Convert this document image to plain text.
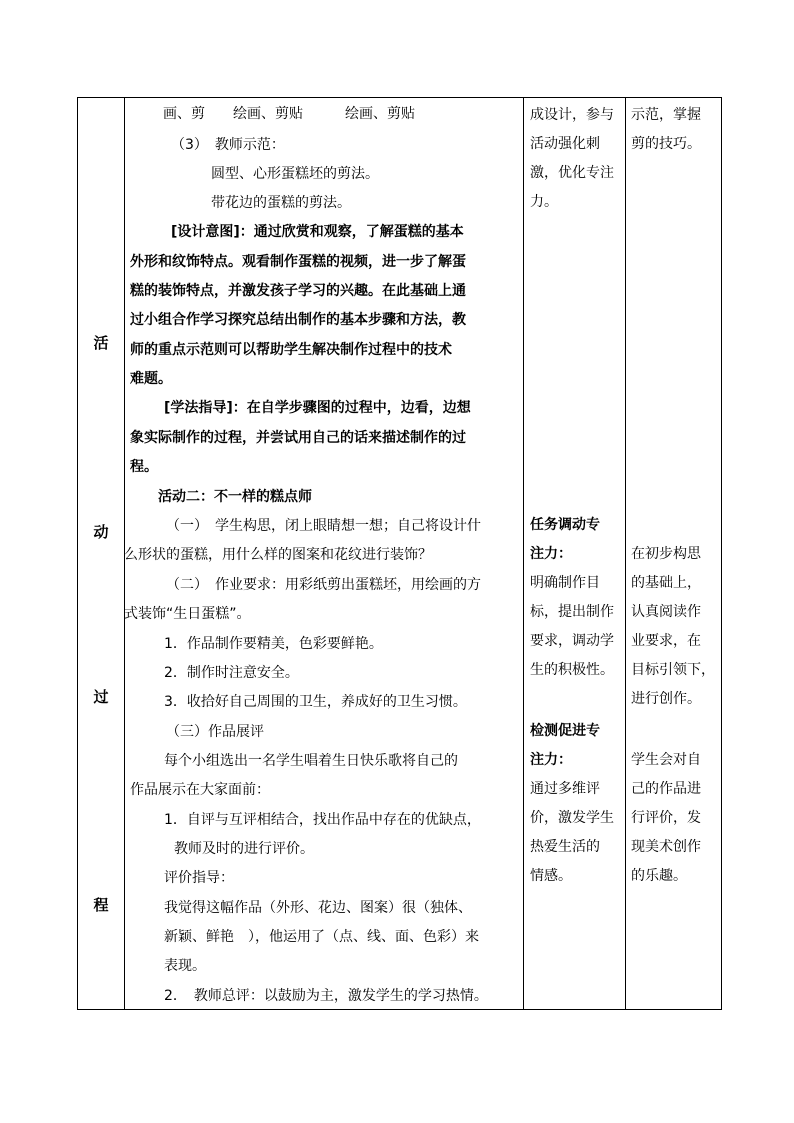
活
动
过
程
画、剪　　绘画、剪贴　　　绘画、剪贴
（3）　教师示范：
圆型、心形蛋糕坯的剪法。
带花边的蛋糕的剪法。
[设计意图]：通过欣赏和观察，了解蛋糕的基本
外形和纹饰特点。观看制作蛋糕的视频，进一步了解蛋
糕的装饰特点，并激发孩子学习的兴趣。在此基础上通
过小组合作学习探究总结出制作的基本步骤和方法，教
师的重点示范则可以帮助学生解决制作过程中的技术
难题。
[学法指导]：在自学步骤图的过程中，边看，边想
象实际制作的过程，并尝试用自己的话来描述制作的过
程。
活动二：不一样的糕点师
（一）　学生构思，闭上眼睛想一想；自己将设计什
么形状的蛋糕，用什么样的图案和花纹进行装饰？
（二）　作业要求：用彩纸剪出蛋糕坯，用绘画的方
式装饰“生日蛋糕”。
1．作品制作要精美，色彩要鲜艳。
2．制作时注意安全。
3．收拾好自己周围的卫生，养成好的卫生习惯。
（三）作品展评
每个小组选出一名学生唱着生日快乐歌将自己的
作品展示在大家面前：
1．自评与互评相结合，找出作品中存在的优缺点，
教师及时的进行评价。
评价指导：
我觉得这幅作品（外形、花边、图案）很（独体、
新颖、鲜艳　），他运用了（点、线、面、色彩）来
表现。
2．　教师总评：以鼓励为主，激发学生的学习热情。
成设计，参与
活动强化刺
激，优化专注
力。
任务调动专
注力：
明确制作目
标，提出制作
要求，调动学
生的积极性。
检测促进专
注力：
通过多维评
价，激发学生
热爱生活的
情感。
示范，掌握
剪的技巧。
在初步构思
的基础上，
认真阅读作
业要求，在
目标引领下，
进行创作。
学生会对自
己的作品进
行评价，发
现美术创作
的乐趣。
